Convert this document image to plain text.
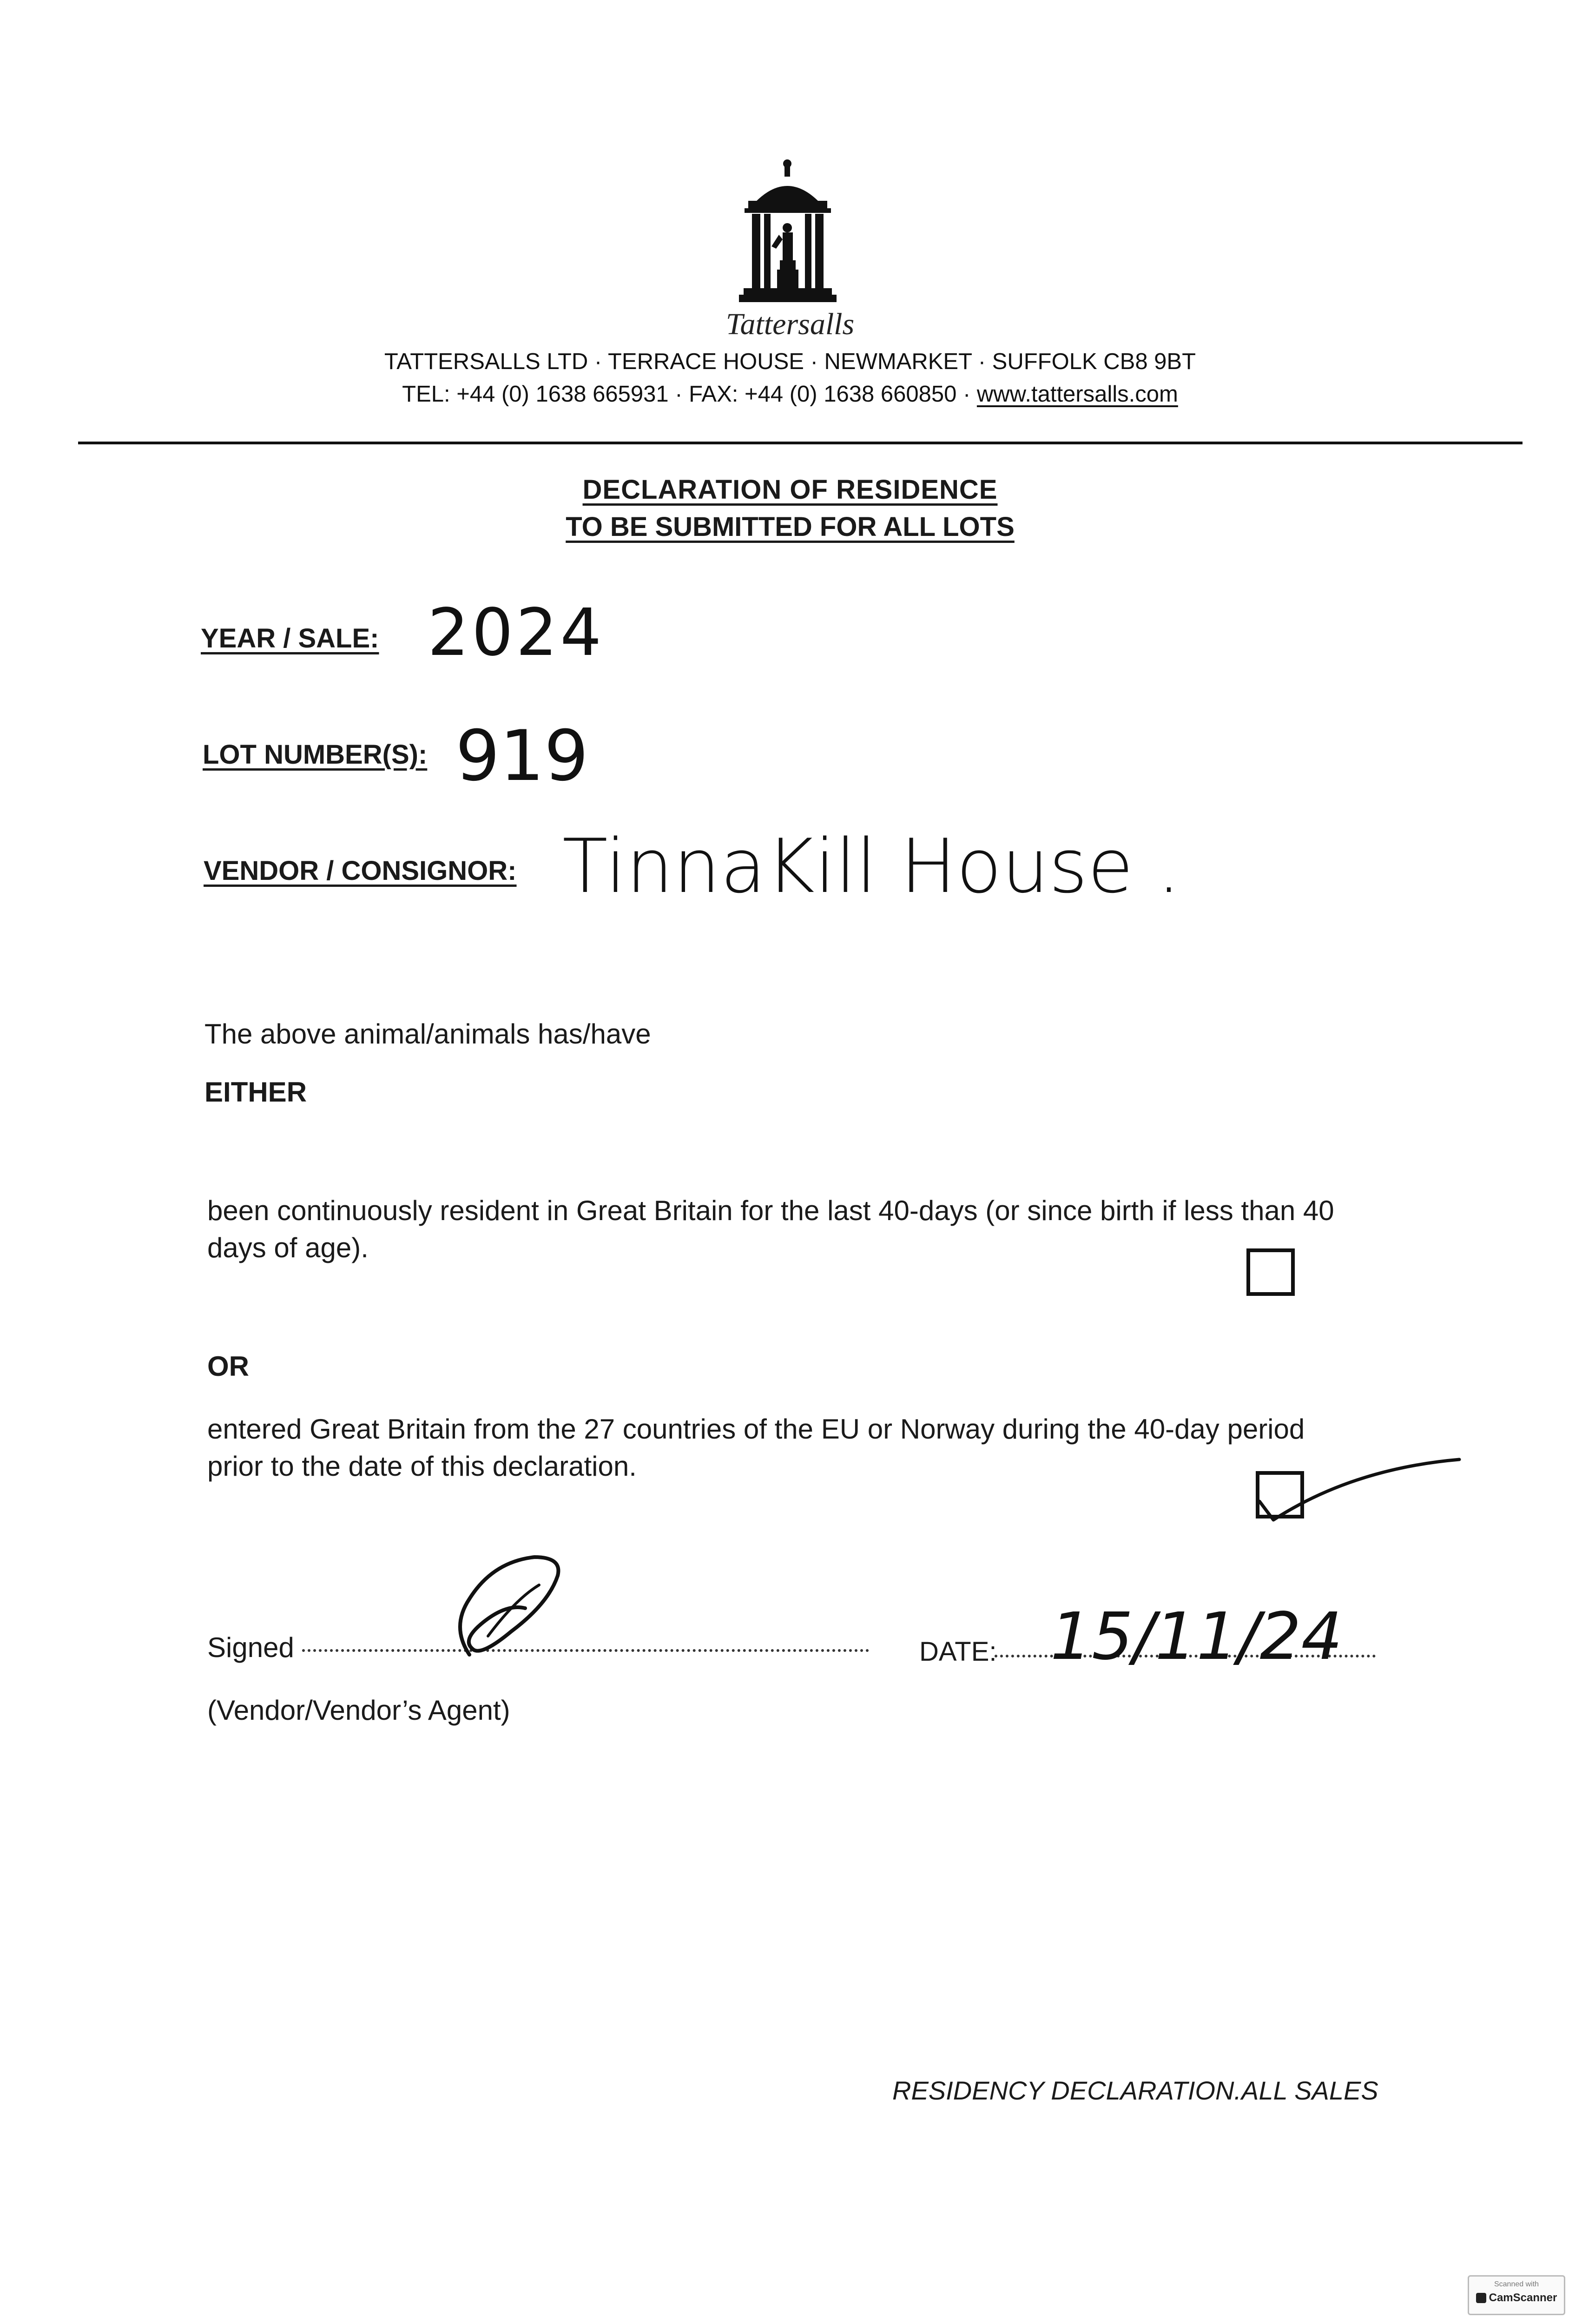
Tattersalls
TATTERSALLS LTD · TERRACE HOUSE · NEWMARKET · SUFFOLK CB8 9BT
TEL: +44 (0) 1638 665931 · FAX: +44 (0) 1638 660850 · www.tattersalls.com
DECLARATION OF RESIDENCE
TO BE SUBMITTED FOR ALL LOTS
YEAR / SALE: 2024
LOT NUMBER(S): 919
VENDOR / CONSIGNOR: TinnaKill House .
The above animal/animals has/have
EITHER
been continuously resident in Great Britain for the last 40-days (or since birth if less than 40
days of age).
OR
entered Great Britain from the 27 countries of the EU or Norway during the 40-day period
prior to the date of this declaration.
Signed	DATE: 15/11/24
(Vendor/Vendor’s Agent)
RESIDENCY DECLARATION.ALL SALES
Scanned with
CamScanner
